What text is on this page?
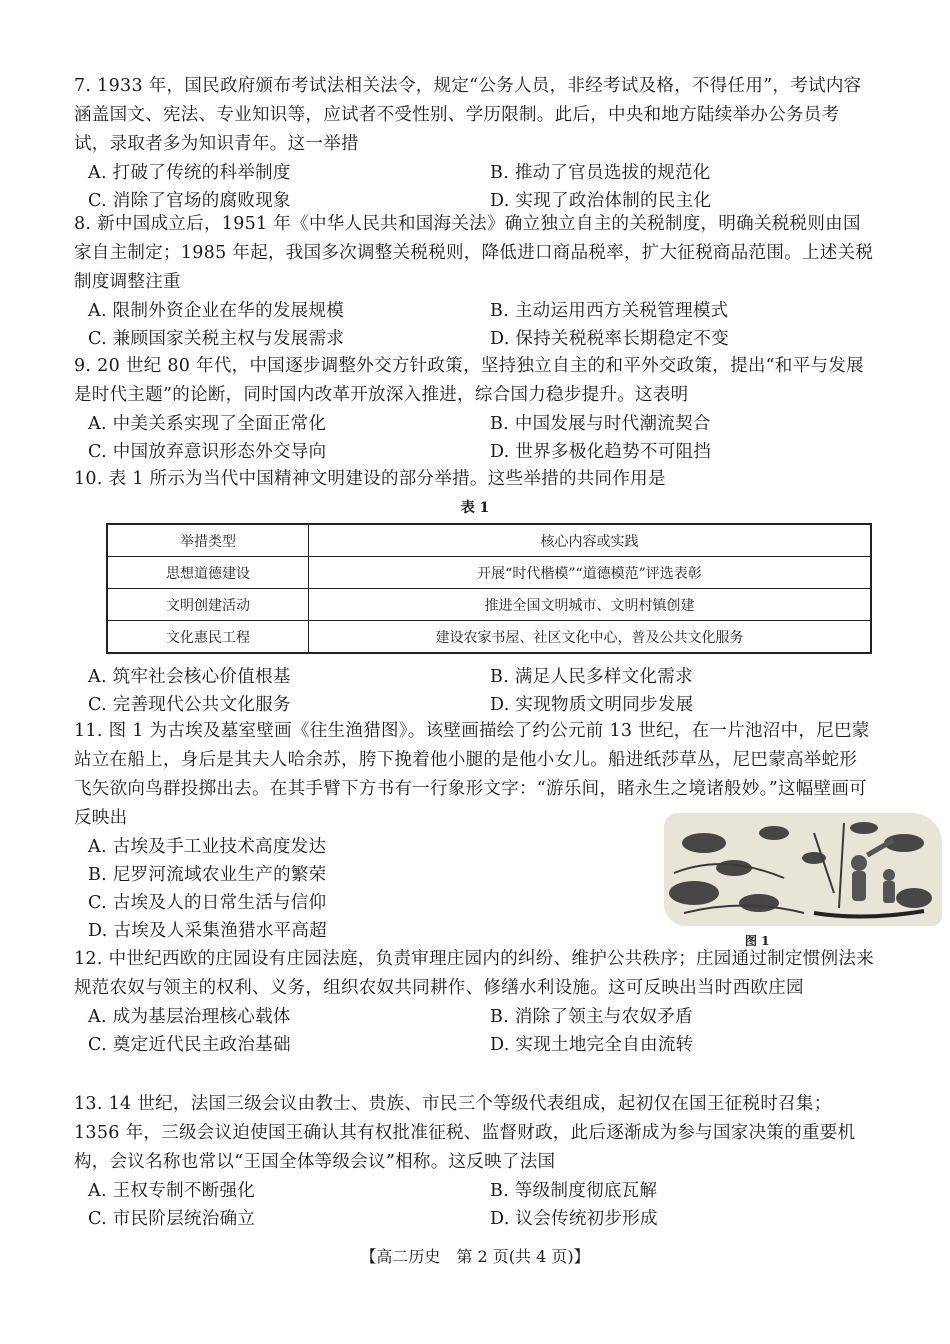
7. 1933 年，国民政府颁布考试法相关法令，规定“公务人员，非经考试及格，不得任用”，考试内容涵盖国文、宪法、专业知识等，应试者不受性别、学历限制。此后，中央和地方陆续举办公务员考试，录取者多为知识青年。这一举措
A. 打破了传统的科举制度	B. 推动了官员选拔的规范化
C. 消除了官场的腐败现象	D. 实现了政治体制的民主化
8. 新中国成立后，1951 年《中华人民共和国海关法》确立独立自主的关税制度，明确关税税则由国家自主制定；1985 年起，我国多次调整关税税则，降低进口商品税率，扩大征税商品范围。上述关税制度调整注重
A. 限制外资企业在华的发展规模	B. 主动运用西方关税管理模式
C. 兼顾国家关税主权与发展需求	D. 保持关税税率长期稳定不变
9. 20 世纪 80 年代，中国逐步调整外交方针政策，坚持独立自主的和平外交政策，提出“和平与发展是时代主题”的论断，同时国内改革开放深入推进，综合国力稳步提升。这表明
A. 中美关系实现了全面正常化	B. 中国发展与时代潮流契合
C. 中国放弃意识形态外交导向	D. 世界多极化趋势不可阻挡
10. 表 1 所示为当代中国精神文明建设的部分举措。这些举措的共同作用是
表 1
举措类型	核心内容或实践
思想道德建设	开展“时代楷模”“道德模范”评选表彰
文明创建活动	推进全国文明城市、文明村镇创建
文化惠民工程	建设农家书屋、社区文化中心，普及公共文化服务
A. 筑牢社会核心价值根基	B. 满足人民多样文化需求
C. 完善现代公共文化服务	D. 实现物质文明同步发展
11. 图 1 为古埃及墓室壁画《往生渔猎图》。该壁画描绘了约公元前 13 世纪，在一片池沼中，尼巴蒙站立在船上，身后是其夫人哈余苏，胯下挽着他小腿的是他小女儿。船进纸莎草丛，尼巴蒙高举蛇形飞矢欲向鸟群投掷出去。在其手臂下方书有一行象形文字：“游乐间，睹永生之境诸般妙。”这幅壁画可反映出
A. 古埃及手工业技术高度发达
B. 尼罗河流域农业生产的繁荣
C. 古埃及人的日常生活与信仰
D. 古埃及人采集渔猎水平高超	图 1
12. 中世纪西欧的庄园设有庄园法庭，负责审理庄园内的纠纷、维护公共秩序；庄园通过制定惯例法来规范农奴与领主的权利、义务，组织农奴共同耕作、修缮水利设施。这可反映出当时西欧庄园
A. 成为基层治理核心载体	B. 消除了领主与农奴矛盾
C. 奠定近代民主政治基础	D. 实现土地完全自由流转
13. 14 世纪，法国三级会议由教士、贵族、市民三个等级代表组成，起初仅在国王征税时召集；1356 年，三级会议迫使国王确认其有权批准征税、监督财政，此后逐渐成为参与国家决策的重要机构，会议名称也常以“王国全体等级会议”相称。这反映了法国
A. 王权专制不断强化	B. 等级制度彻底瓦解
C. 市民阶层统治确立	D. 议会传统初步形成
【高二历史　第 2 页(共 4 页)】
